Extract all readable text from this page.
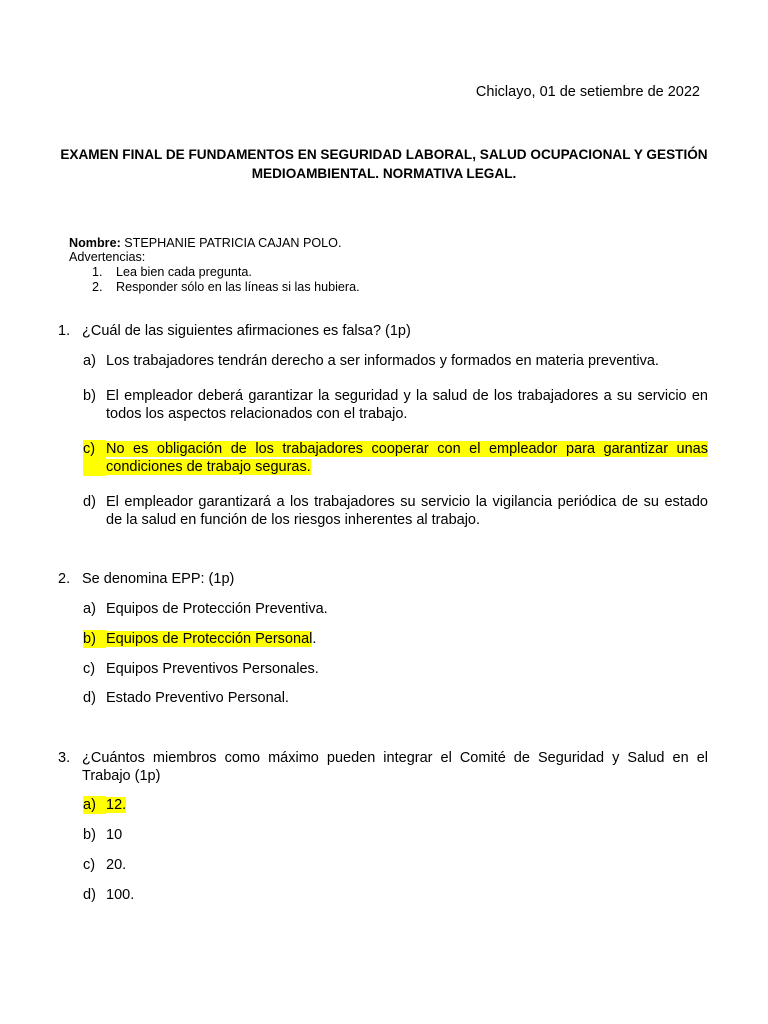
Chiclayo, 01 de setiembre de 2022
EXAMEN FINAL DE FUNDAMENTOS EN SEGURIDAD LABORAL, SALUD OCUPACIONAL Y GESTIÓN MEDIOAMBIENTAL. NORMATIVA LEGAL.
Nombre: STEPHANIE PATRICIA CAJAN POLO.
Advertencias:
1.	Lea bien cada pregunta.
2.	Responder sólo en las líneas si las hubiera.
1. ¿Cuál de las siguientes afirmaciones es falsa? (1p)
a) Los trabajadores tendrán derecho a ser informados y formados en materia preventiva.
b) El empleador deberá garantizar la seguridad y la salud de los trabajadores a su servicio en todos los aspectos relacionados con el trabajo.
c) No es obligación de los trabajadores cooperar con el empleador para garantizar unas condiciones de trabajo seguras.
d) El empleador garantizará a los trabajadores su servicio la vigilancia periódica de su estado de la salud en función de los riesgos inherentes al trabajo.
2. Se denomina EPP: (1p)
a) Equipos de Protección Preventiva.
b) Equipos de Protección Personal.
c) Equipos Preventivos Personales.
d) Estado Preventivo Personal.
3. ¿Cuántos miembros como máximo pueden integrar el Comité de Seguridad y Salud en el Trabajo (1p)
a) 12.
b) 10
c) 20.
d) 100.
